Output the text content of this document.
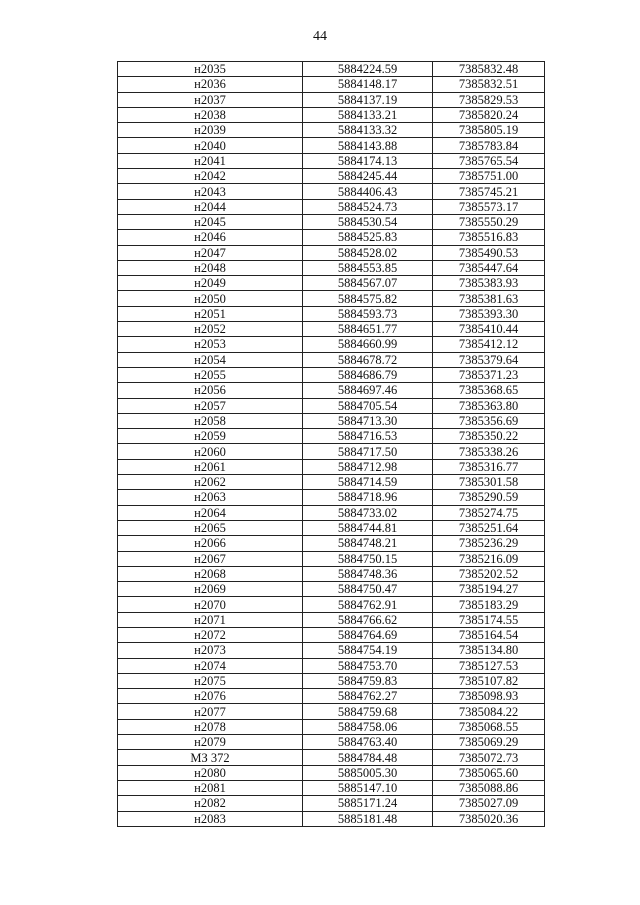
44
н2035	5884224.59	7385832.48
н2036	5884148.17	7385832.51
н2037	5884137.19	7385829.53
н2038	5884133.21	7385820.24
н2039	5884133.32	7385805.19
н2040	5884143.88	7385783.84
н2041	5884174.13	7385765.54
н2042	5884245.44	7385751.00
н2043	5884406.43	7385745.21
н2044	5884524.73	7385573.17
н2045	5884530.54	7385550.29
н2046	5884525.83	7385516.83
н2047	5884528.02	7385490.53
н2048	5884553.85	7385447.64
н2049	5884567.07	7385383.93
н2050	5884575.82	7385381.63
н2051	5884593.73	7385393.30
н2052	5884651.77	7385410.44
н2053	5884660.99	7385412.12
н2054	5884678.72	7385379.64
н2055	5884686.79	7385371.23
н2056	5884697.46	7385368.65
н2057	5884705.54	7385363.80
н2058	5884713.30	7385356.69
н2059	5884716.53	7385350.22
н2060	5884717.50	7385338.26
н2061	5884712.98	7385316.77
н2062	5884714.59	7385301.58
н2063	5884718.96	7385290.59
н2064	5884733.02	7385274.75
н2065	5884744.81	7385251.64
н2066	5884748.21	7385236.29
н2067	5884750.15	7385216.09
н2068	5884748.36	7385202.52
н2069	5884750.47	7385194.27
н2070	5884762.91	7385183.29
н2071	5884766.62	7385174.55
н2072	5884764.69	7385164.54
н2073	5884754.19	7385134.80
н2074	5884753.70	7385127.53
н2075	5884759.83	7385107.82
н2076	5884762.27	7385098.93
н2077	5884759.68	7385084.22
н2078	5884758.06	7385068.55
н2079	5884763.40	7385069.29
МЗ 372	5884784.48	7385072.73
н2080	5885005.30	7385065.60
н2081	5885147.10	7385088.86
н2082	5885171.24	7385027.09
н2083	5885181.48	7385020.36
